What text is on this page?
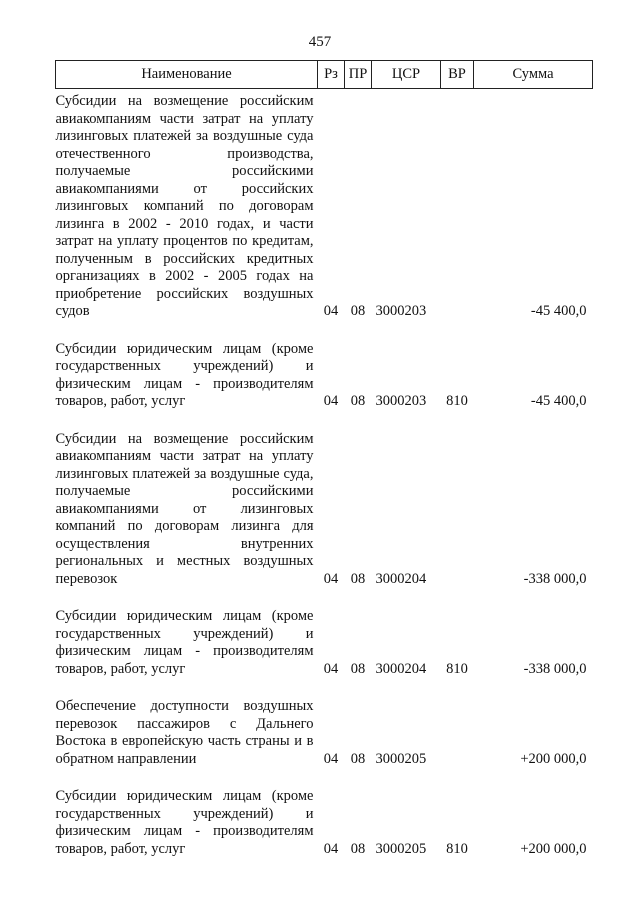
457
Наименование	Рз	ПР	ЦСР	ВР	Сумма
Субсидии на возмещение российским авиакомпаниям части затрат на уплату лизинговых платежей за воздушные суда отечественного производства, получаемые российскими авиакомпаниями от российских лизинговых компаний по договорам лизинга в 2002 - 2010 годах, и части затрат на уплату процентов по кредитам, полученным в российских кредитных организациях в 2002 - 2005 годах на приобретение российских воздушных судов	04	08	3000203		-45 400,0
Субсидии юридическим лицам (кроме государственных учреждений) и физическим лицам - производителям товаров, работ, услуг	04	08	3000203	810	-45 400,0
Субсидии на возмещение российским авиакомпаниям части затрат на уплату лизинговых платежей за воздушные суда, получаемые российскими авиакомпаниями от лизинговых компаний по договорам лизинга для осуществления внутренних региональных и местных воздушных перевозок	04	08	3000204		-338 000,0
Субсидии юридическим лицам (кроме государственных учреждений) и физическим лицам - производителям товаров, работ, услуг	04	08	3000204	810	-338 000,0
Обеспечение доступности воздушных перевозок пассажиров с Дальнего Востока в европейскую часть страны и в обратном направлении	04	08	3000205		+200 000,0
Субсидии юридическим лицам (кроме государственных учреждений) и физическим лицам - производителям товаров, работ, услуг	04	08	3000205	810	+200 000,0
